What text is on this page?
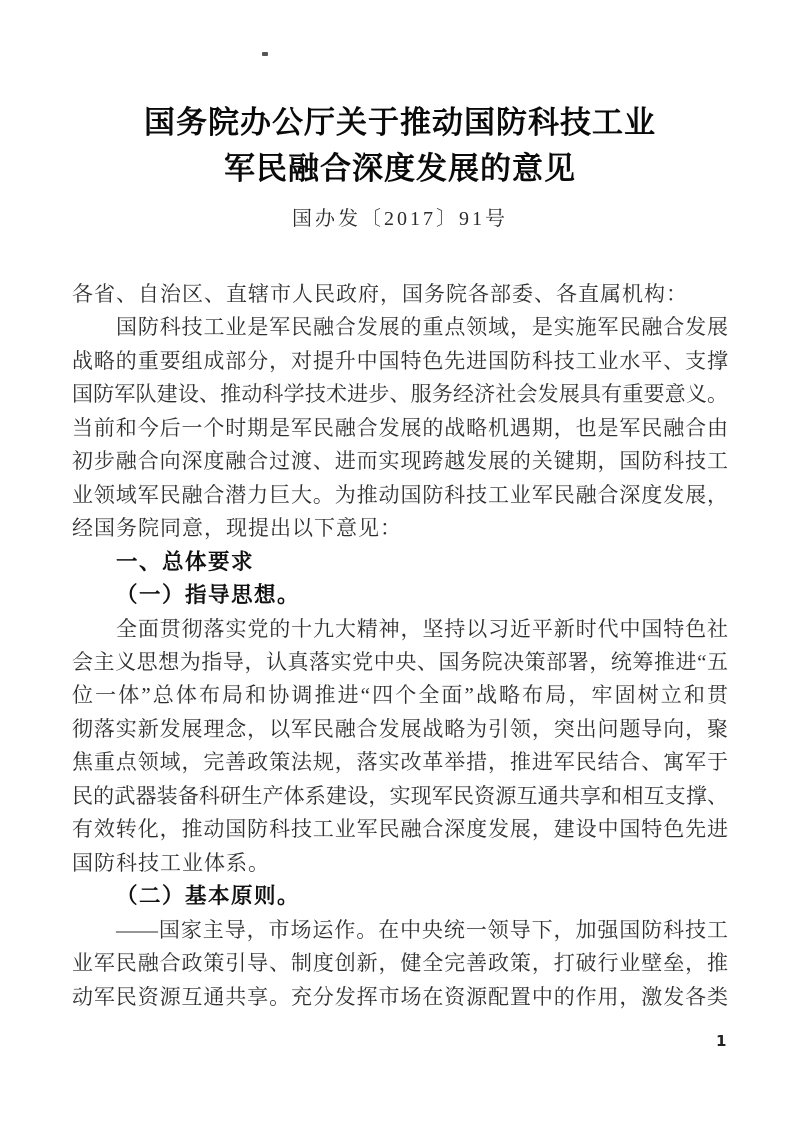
国务院办公厅关于推动国防科技工业
军民融合深度发展的意见
国办发〔2017〕91号
各省、自治区、直辖市人民政府，国务院各部委、各直属机构：
国防科技工业是军民融合发展的重点领域，是实施军民融合发展
战略的重要组成部分，对提升中国特色先进国防科技工业水平、支撑
国防军队建设、推动科学技术进步、服务经济社会发展具有重要意义。
当前和今后一个时期是军民融合发展的战略机遇期，也是军民融合由
初步融合向深度融合过渡、进而实现跨越发展的关键期，国防科技工
业领域军民融合潜力巨大。为推动国防科技工业军民融合深度发展，
经国务院同意，现提出以下意见：
一、总体要求
（一）指导思想。
全面贯彻落实党的十九大精神，坚持以习近平新时代中国特色社
会主义思想为指导，认真落实党中央、国务院决策部署，统筹推进“五
位一体”总体布局和协调推进“四个全面”战略布局，牢固树立和贯
彻落实新发展理念，以军民融合发展战略为引领，突出问题导向，聚
焦重点领域，完善政策法规，落实改革举措，推进军民结合、寓军于
民的武器装备科研生产体系建设，实现军民资源互通共享和相互支撑、
有效转化，推动国防科技工业军民融合深度发展，建设中国特色先进
国防科技工业体系。
（二）基本原则。
——国家主导，市场运作。在中央统一领导下，加强国防科技工
业军民融合政策引导、制度创新，健全完善政策，打破行业壁垒，推
动军民资源互通共享。充分发挥市场在资源配置中的作用，激发各类
1
